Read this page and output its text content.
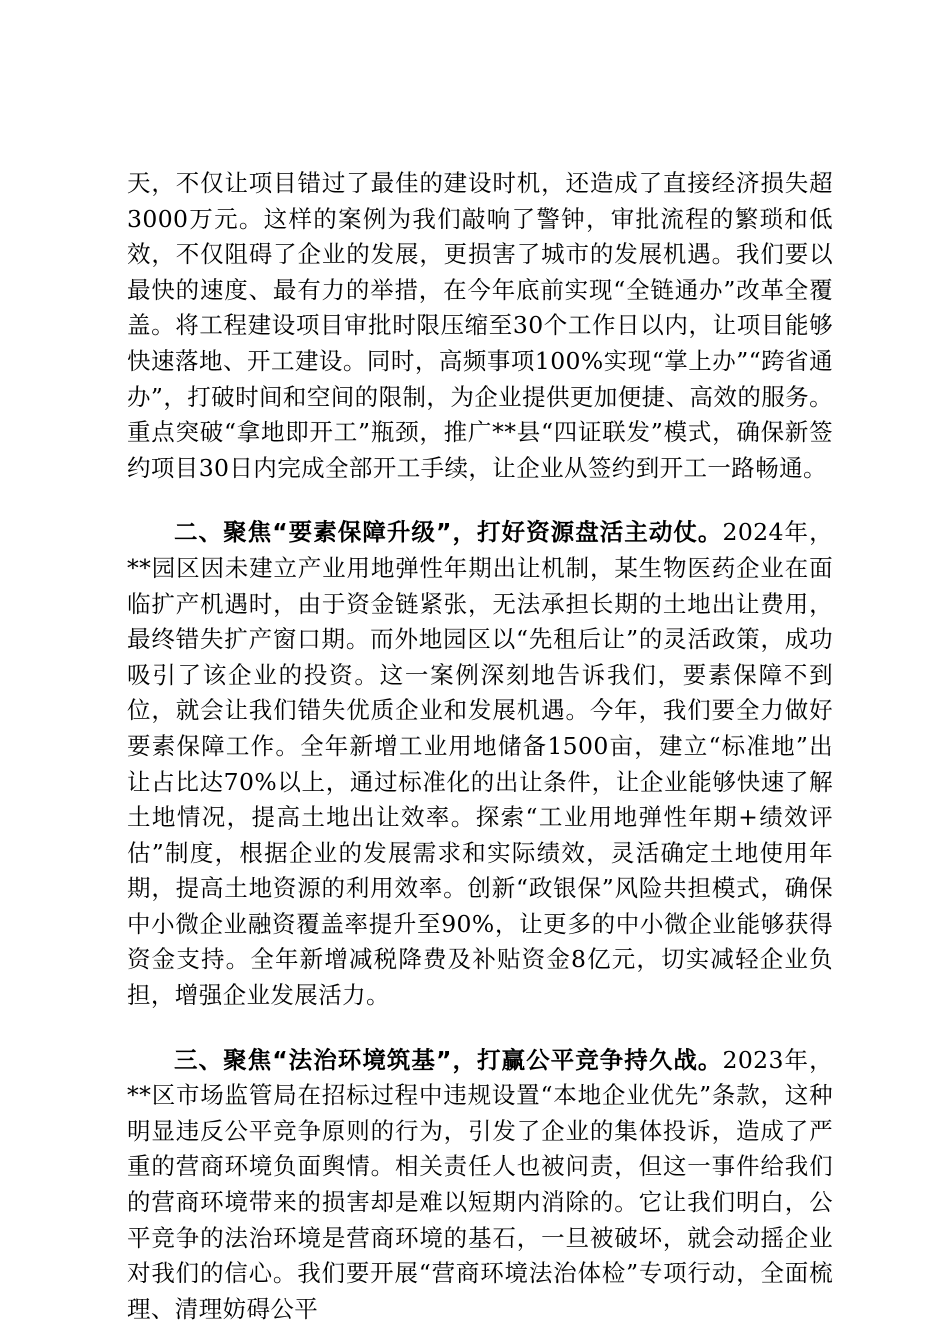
天，不仅让项目错过了最佳的建设时机，还造成了直接经济损失超3000万元。这样的案例为我们敲响了警钟，审批流程的繁琐和低效，不仅阻碍了企业的发展，更损害了城市的发展机遇。我们要以最快的速度、最有力的举措，在今年底前实现“全链通办”改革全覆盖。将工程建设项目审批时限压缩至30个工作日以内，让项目能够快速落地、开工建设。同时，高频事项100%实现“掌上办”“跨省通办”，打破时间和空间的限制，为企业提供更加便捷、高效的服务。重点突破“拿地即开工”瓶颈，推广**县“四证联发”模式，确保新签约项目30日内完成全部开工手续，让企业从签约到开工一路畅通。

二、聚焦“要素保障升级”，打好资源盘活主动仗。2024年，**园区因未建立产业用地弹性年期出让机制，某生物医药企业在面临扩产机遇时，由于资金链紧张，无法承担长期的土地出让费用，最终错失扩产窗口期。而外地园区以“先租后让”的灵活政策，成功吸引了该企业的投资。这一案例深刻地告诉我们，要素保障不到位，就会让我们错失优质企业和发展机遇。今年，我们要全力做好要素保障工作。全年新增工业用地储备1500亩，建立“标准地”出让占比达70%以上，通过标准化的出让条件，让企业能够快速了解土地情况，提高土地出让效率。探索“工业用地弹性年期+绩效评估”制度，根据企业的发展需求和实际绩效，灵活确定土地使用年期，提高土地资源的利用效率。创新“政银保”风险共担模式，确保中小微企业融资覆盖率提升至90%，让更多的中小微企业能够获得资金支持。全年新增减税降费及补贴资金8亿元，切实减轻企业负担，增强企业发展活力。

三、聚焦“法治环境筑基”，打赢公平竞争持久战。2023年，**区市场监管局在招标过程中违规设置“本地企业优先”条款，这种明显违反公平竞争原则的行为，引发了企业的集体投诉，造成了严重的营商环境负面舆情。相关责任人也被问责，但这一事件给我们的营商环境带来的损害却是难以短期内消除的。它让我们明白，公平竞争的法治环境是营商环境的基石，一旦被破坏，就会动摇企业对我们的信心。我们要开展“营商环境法治体检”专项行动，全面梳理、清理妨碍公平
